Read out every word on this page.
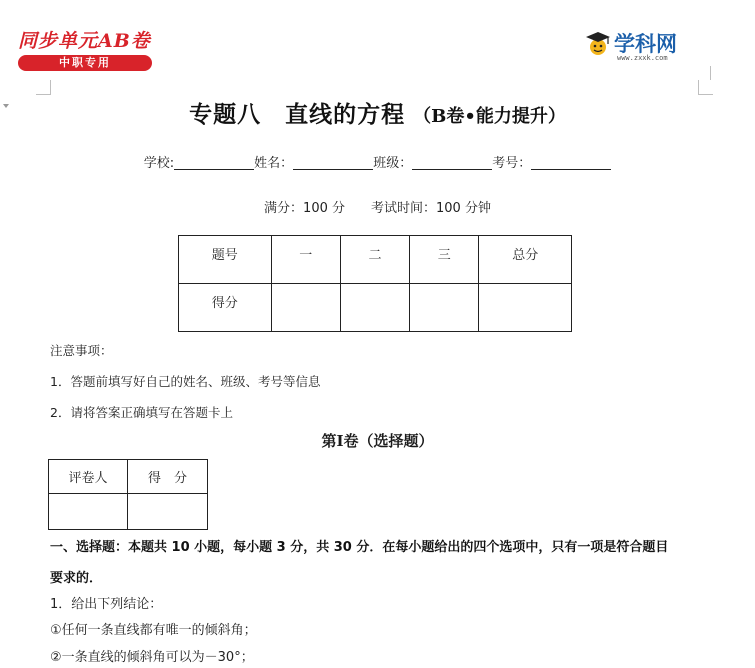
同步单元AB卷
中职专用
学科网
www.zxxk.com
专题八　直线的方程 （B卷•能力提升）
学校:	姓名：	班级：	考号：
满分：100 分　　考试时间：100 分钟
题号	一	二	三	总分
得分				
注意事项：
1．答题前填写好自己的姓名、班级、考号等信息
2．请将答案正确填写在答题卡上
第Ⅰ卷（选择题）
评卷人	得　分

一、选择题：本题共 10 小题，每小题 3 分，共 30 分．在每小题给出的四个选项中，只有一项是符合题目
要求的．
1．给出下列结论：
①任何一条直线都有唯一的倾斜角；
②一条直线的倾斜角可以为－30°；
